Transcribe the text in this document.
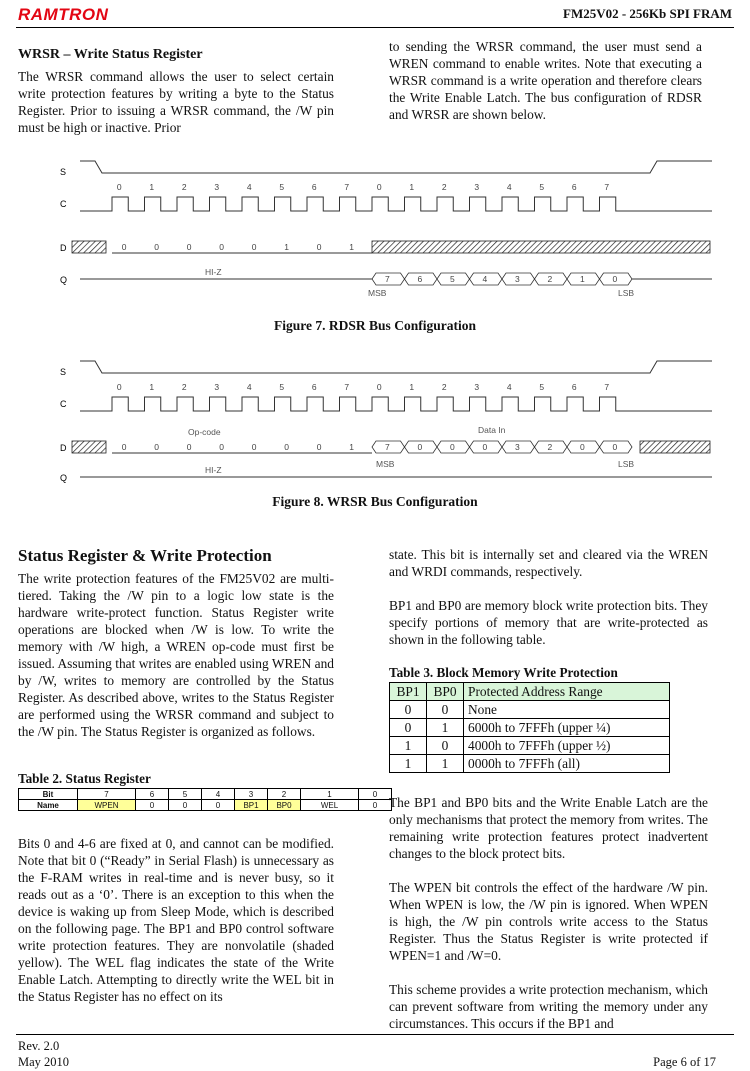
RAMTRON	FM25V02 - 256Kb SPI FRAM
WRSR – Write Status Register
The WRSR command allows the user to select certain write protection features by writing a byte to the Status Register. Prior to issuing a WRSR command, the /W pin must be high or inactive. Prior
to sending the WRSR command, the user must send a WREN command to enable writes. Note that executing a WRSR command is a write operation and therefore clears the Write Enable Latch. The bus configuration of RDSR and WRSR are shown below.
S
C
D
Q
0	1	2	3	4	5	6	7	0	1	2	3	4	5	6	7
0	0	0	0	0	1	0	1
HI-Z
7	6	5	4	3	2	1	0
MSB	LSB
Figure 7. RDSR Bus Configuration
S
C
D
Q
0	1	2	3	4	5	6	7	0	1	2	3	4	5	6	7
0	0	0	0	0	0	0	1	7	0	0	0	3	2	0	0
HI-Z
MSB	LSB
Op-code	Data In
Figure 8. WRSR Bus Configuration
Status Register & Write Protection
The write protection features of the FM25V02 are multi-tiered. Taking the /W pin to a logic low state is the hardware write-protect function. Status Register write operations are blocked when /W is low. To write the memory with /W high, a WREN op-code must first be issued. Assuming that writes are enabled using WREN and by /W, writes to memory are controlled by the Status Register. As described above, writes to the Status Register are performed using the WRSR command and subject to the /W pin. The Status Register is organized as follows.
Table 2. Status Register
Bit	7	6	5	4	3	2	1	0
Name	WPEN	0	0	0	BP1	BP0	WEL	0
Bits 0 and 4-6 are fixed at 0, and cannot can be modified. Note that bit 0 (“Ready” in Serial Flash) is unnecessary as the F-RAM writes in real-time and is never busy, so it reads out as a ‘0’. There is an exception to this when the device is waking up from Sleep Mode, which is described on the following page. The BP1 and BP0 control software write protection features. They are nonvolatile (shaded yellow). The WEL flag indicates the state of the Write Enable Latch. Attempting to directly write the WEL bit in the Status Register has no effect on its
state. This bit is internally set and cleared via the WREN and WRDI commands, respectively.
BP1 and BP0 are memory block write protection bits. They specify portions of memory that are write-protected as shown in the following table.
Table 3. Block Memory Write Protection
BP1	BP0	Protected Address Range
0	0	None
0	1	6000h to 7FFFh (upper ¼)
1	0	4000h to 7FFFh (upper ½)
1	1	0000h to 7FFFh (all)
The BP1 and BP0 bits and the Write Enable Latch are the only mechanisms that protect the memory from writes. The remaining write protection features protect inadvertent changes to the block protect bits.
The WPEN bit controls the effect of the hardware /W pin. When WPEN is low, the /W pin is ignored. When WPEN is high, the /W pin controls write access to the Status Register. Thus the Status Register is write protected if WPEN=1 and /W=0.
This scheme provides a write protection mechanism, which can prevent software from writing the memory under any circumstances. This occurs if the BP1 and
Rev. 2.0
May 2010	Page 6 of 17
